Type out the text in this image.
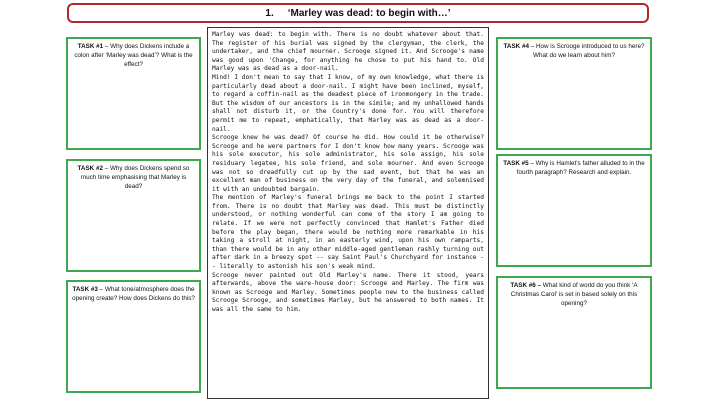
1. ‘Marley was dead: to begin with…’
TASK #1 – Why does Dickens include a colon after ‘Marley was dead’? What is the effect?
TASK #2 – Why does Dickens spend so much time emphasising that Marley is dead?
TASK #3 – What tone/atmosphere does the opening create? How does Dickens do this?
TASK #4 – How is Scrooge introduced to us here? What do we learn about him?
TASK #5 – Why is Hamlet’s father alluded to in the fourth paragraph? Research and explain.
TASK #6 – What kind of world do you think ‘A Christmas Carol’ is set in based solely on this opening?

Marley was dead: to begin with. There is no doubt whatever about that. The register of his burial was signed by the clergyman, the clerk, the undertaker, and the chief mourner. Scrooge signed it. And Scrooge's name was good upon 'Change, for anything he chose to put his hand to. Old Marley was as dead as a door-nail.

Mind! I don't mean to say that I know, of my own knowledge, what there is particularly dead about a door-nail. I might have been inclined, myself, to regard a coffin-nail as the deadest piece of ironmongery in the trade. But the wisdom of our ancestors is in the simile; and my unhallowed hands shall not disturb it, or the Country's done for. You will therefore permit me to repeat, emphatically, that Marley was as dead as a door-nail.

Scrooge knew he was dead? Of course he did. How could it be otherwise? Scrooge and he were partners for I don't know how many years. Scrooge was his sole executor, his sole administrator, his sole assign, his sole residuary legatee, his sole friend, and sole mourner. And even Scrooge was not so dreadfully cut up by the sad event, but that he was an excellent man of business on the very day of the funeral, and solemnised it with an undoubted bargain.

The mention of Marley's funeral brings me back to the point I started from. There is no doubt that Marley was dead. This must be distinctly understood, or nothing wonderful can come of the story I am going to relate. If we were not perfectly convinced that Hamlet's Father died before the play began, there would be nothing more remarkable in his taking a stroll at night, in an easterly wind, upon his own ramparts, than there would be in any other middle-aged gentleman rashly turning out after dark in a breezy spot -- say Saint Paul's Churchyard for instance -- literally to astonish his son's weak mind.

Scrooge never painted out Old Marley's name. There it stood, years afterwards, above the ware-house door: Scrooge and Marley. The firm was known as Scrooge and Marley. Sometimes people new to the business called Scrooge Scrooge, and sometimes Marley, but he answered to both names. It was all the same to him.
